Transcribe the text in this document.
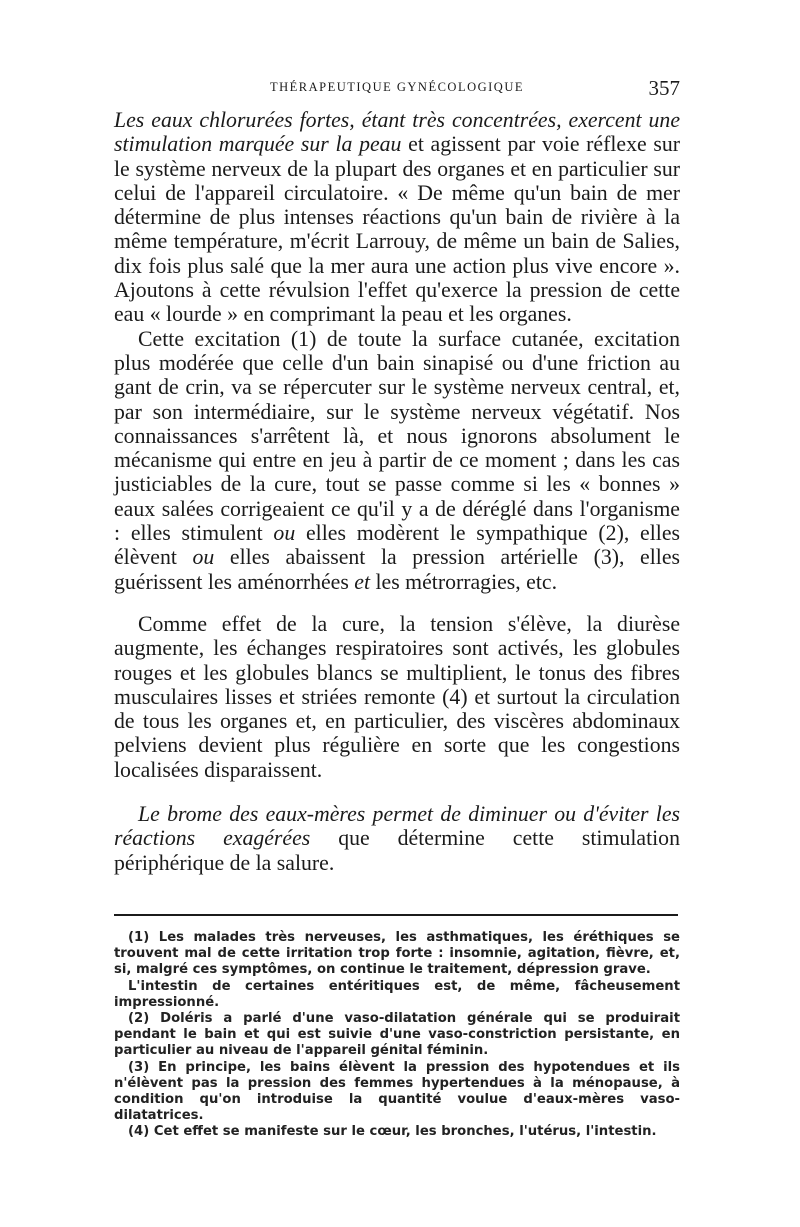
THÉRAPEUTIQUE GYNÉCOLOGIQUE	357

Les eaux chlorurées fortes, étant très concentrées, exercent une stimulation marquée sur la peau et agissent par voie réflexe sur le système nerveux de la plupart des organes et en particulier sur celui de l'appareil circulatoire. « De même qu'un bain de mer détermine de plus intenses réactions qu'un bain de rivière à la même température, m'écrit Larrouy, de même un bain de Salies, dix fois plus salé que la mer aura une action plus vive encore ». Ajoutons à cette révulsion l'effet qu'exerce la pression de cette eau « lourde » en comprimant la peau et les organes.

Cette excitation (1) de toute la surface cutanée, excitation plus modérée que celle d'un bain sinapisé ou d'une friction au gant de crin, va se répercuter sur le système nerveux central, et, par son intermédiaire, sur le système nerveux végétatif. Nos connaissances s'arrêtent là, et nous ignorons absolument le mécanisme qui entre en jeu à partir de ce moment ; dans les cas justiciables de la cure, tout se passe comme si les « bonnes » eaux salées corrigeaient ce qu'il y a de déréglé dans l'organisme : elles stimulent ou elles modèrent le sympathique (2), elles élèvent ou elles abaissent la pression artérielle (3), elles guérissent les aménorrhées et les métrorragies, etc.

Comme effet de la cure, la tension s'élève, la diurèse augmente, les échanges respiratoires sont activés, les globules rouges et les globules blancs se multiplient, le tonus des fibres musculaires lisses et striées remonte (4) et surtout la circulation de tous les organes et, en particulier, des viscères abdominaux pelviens devient plus régulière en sorte que les congestions localisées disparaissent.

Le brome des eaux-mères permet de diminuer ou d'éviter les réactions exagérées que détermine cette stimulation périphérique de la salure.

(1) Les malades très nerveuses, les asthmatiques, les éréthiques se trouvent mal de cette irritation trop forte : insomnie, agitation, fièvre, et, si, malgré ces symptômes, on continue le traitement, dépression grave.

L'intestin de certaines entéritiques est, de même, fâcheusement impressionné.

(2) Doléris a parlé d'une vaso-dilatation générale qui se produirait pendant le bain et qui est suivie d'une vaso-constriction persistante, en particulier au niveau de l'appareil génital féminin.

(3) En principe, les bains élèvent la pression des hypotendues et ils n'élèvent pas la pression des femmes hypertendues à la ménopause, à condition qu'on introduise la quantité voulue d'eaux-mères vaso-dilatatrices.

(4) Cet effet se manifeste sur le cœur, les bronches, l'utérus, l'intestin.
